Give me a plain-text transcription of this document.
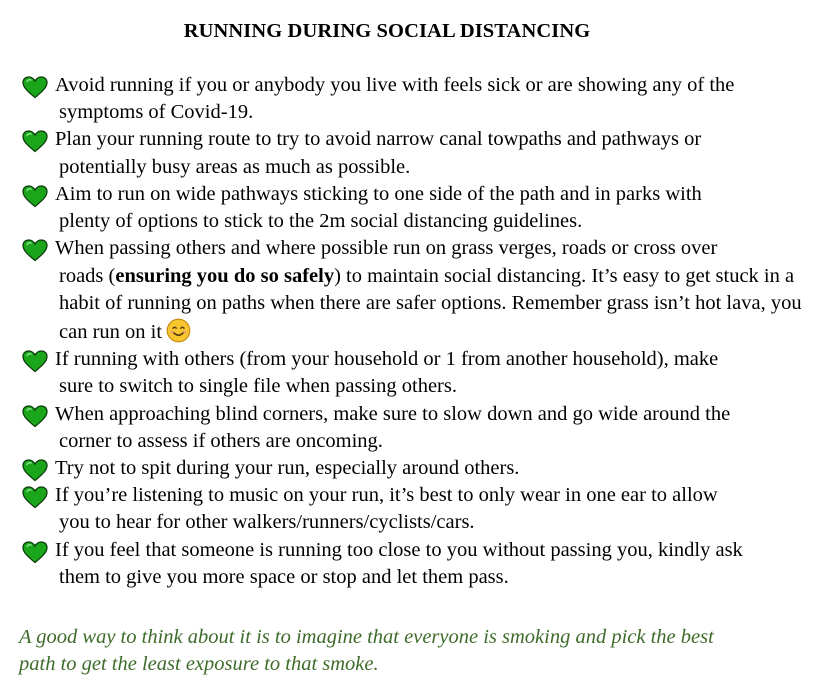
RUNNING DURING SOCIAL DISTANCING
Avoid running if you or anybody you live with feels sick or are showing any of the
symptoms of Covid-19.
Plan your running route to try to avoid narrow canal towpaths and pathways or
potentially busy areas as much as possible.
Aim to run on wide pathways sticking to one side of the path and in parks with
plenty of options to stick to the 2m social distancing guidelines.
When passing others and where possible run on grass verges, roads or cross over
roads (ensuring you do so safely) to maintain social distancing. It’s easy to get stuck in a habit of running on paths when there are safer options. Remember grass isn’t hot lava, you can run on it
If running with others (from your household or 1 from another household), make
sure to switch to single file when passing others.
When approaching blind corners, make sure to slow down and go wide around the
corner to assess if others are oncoming.
Try not to spit during your run, especially around others.
If you’re listening to music on your run, it’s best to only wear in one ear to allow
you to hear for other walkers/runners/cyclists/cars.
If you feel that someone is running too close to you without passing you, kindly ask
them to give you more space or stop and let them pass.
A good way to think about it is to imagine that everyone is smoking and pick the best
path to get the least exposure to that smoke.
